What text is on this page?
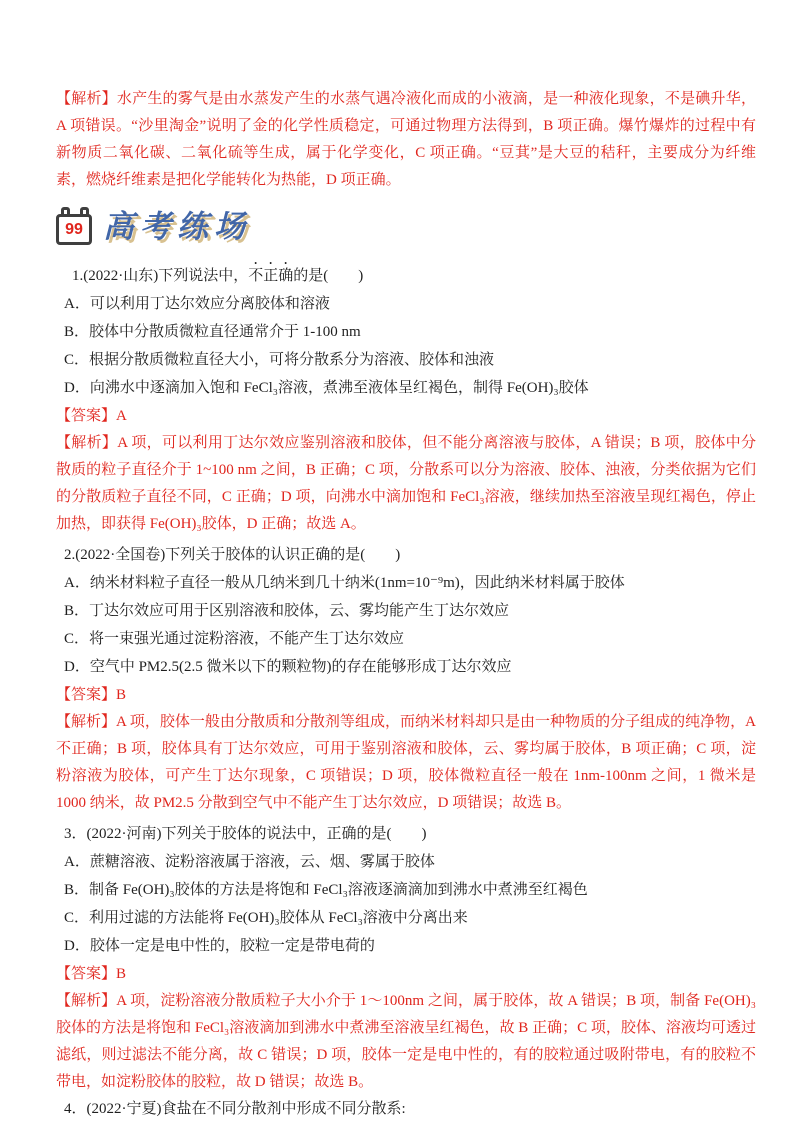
【解析】水产生的雾气是由水蒸发产生的水蒸气遇冷液化而成的小液滴，是一种液化现象，不是碘升华，A 项错误。“沙里淘金”说明了金的化学性质稳定，可通过物理方法得到，B 项正确。爆竹爆炸的过程中有新物质二氧化碳、二氧化硫等生成，属于化学变化，C 项正确。“豆萁”是大豆的秸秆，主要成分为纤维素，燃烧纤维素是把化学能转化为热能，D 项正确。

99 高考练场

1.(2022·山东)下列说法中，不正确的是(　　)

A．可以利用丁达尔效应分离胶体和溶液

B．胶体中分散质微粒直径通常介于 1-100 nm

C．根据分散质微粒直径大小，可将分散系分为溶液、胶体和浊液

D．向沸水中逐滴加入饱和 FeCl₃溶液，煮沸至液体呈红褐色，制得 Fe(OH)₃胶体

【答案】A

【解析】A 项，可以利用丁达尔效应鉴别溶液和胶体，但不能分离溶液与胶体，A 错误；B 项，胶体中分散质的粒子直径介于 1~100 nm 之间，B 正确；C 项，分散系可以分为溶液、胶体、浊液，分类依据为它们的分散质粒子直径不同，C 正确；D 项，向沸水中滴加饱和 FeCl₃溶液，继续加热至溶液呈现红褐色，停止加热，即获得 Fe(OH)₃胶体，D 正确；故选 A。

2.(2022·全国卷)下列关于胶体的认识正确的是(　　)

A．纳米材料粒子直径一般从几纳米到几十纳米(1nm=10⁻⁹m)，因此纳米材料属于胶体

B．丁达尔效应可用于区别溶液和胶体，云、雾均能产生丁达尔效应

C．将一束强光通过淀粉溶液，不能产生丁达尔效应

D．空气中 PM2.5(2.5 微米以下的颗粒物)的存在能够形成丁达尔效应

【答案】B

【解析】A 项，胶体一般由分散质和分散剂等组成，而纳米材料却只是由一种物质的分子组成的纯净物，A 不正确；B 项，胶体具有丁达尔效应，可用于鉴别溶液和胶体，云、雾均属于胶体，B 项正确；C 项，淀粉溶液为胶体，可产生丁达尔现象，C 项错误；D 项，胶体微粒直径一般在 1nm-100nm 之间，1 微米是 1000 纳米，故 PM2.5 分散到空气中不能产生丁达尔效应，D 项错误；故选 B。

3．(2022·河南)下列关于胶体的说法中，正确的是(　　)

A．蔗糖溶液、淀粉溶液属于溶液，云、烟、雾属于胶体

B．制备 Fe(OH)₃胶体的方法是将饱和 FeCl₃溶液逐滴滴加到沸水中煮沸至红褐色

C．利用过滤的方法能将 Fe(OH)₃胶体从 FeCl₃溶液中分离出来

D．胶体一定是电中性的，胶粒一定是带电荷的

【答案】B

【解析】A 项，淀粉溶液分散质粒子大小介于 1～100nm 之间，属于胶体，故 A 错误；B 项，制备 Fe(OH)₃胶体的方法是将饱和 FeCl₃溶液滴加到沸水中煮沸至溶液呈红褐色，故 B 正确；C 项，胶体、溶液均可透过滤纸，则过滤法不能分离，故 C 错误；D 项，胶体一定是电中性的，有的胶粒通过吸附带电，有的胶粒不带电，如淀粉胶体的胶粒，故 D 错误；故选 B。

4．(2022·宁夏)食盐在不同分散剂中形成不同分散系:
